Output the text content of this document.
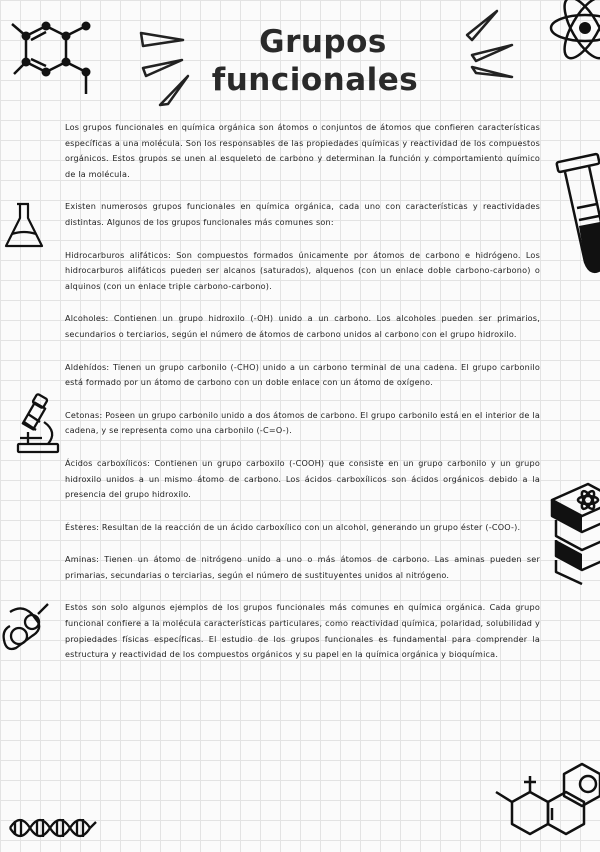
Grupos
funcionales

Los grupos funcionales en química orgánica son átomos o conjuntos de átomos que confieren características específicas a una molécula. Son los responsables de las propiedades químicas y reactividad de los compuestos orgánicos. Estos grupos se unen al esqueleto de carbono y determinan la función y comportamiento químico de la molécula.

Existen numerosos grupos funcionales en química orgánica, cada uno con características y reactividades distintas. Algunos de los grupos funcionales más comunes son:

Hidrocarburos alifáticos: Son compuestos formados únicamente por átomos de carbono e hidrógeno. Los hidrocarburos alifáticos pueden ser alcanos (saturados), alquenos (con un enlace doble carbono-carbono) o alquinos (con un enlace triple carbono-carbono).

Alcoholes: Contienen un grupo hidroxilo (-OH) unido a un carbono. Los alcoholes pueden ser primarios, secundarios o terciarios, según el número de átomos de carbono unidos al carbono con el grupo hidroxilo.

Aldehídos: Tienen un grupo carbonilo (-CHO) unido a un carbono terminal de una cadena. El grupo carbonilo está formado por un átomo de carbono con un doble enlace con un átomo de oxígeno.

Cetonas: Poseen un grupo carbonilo unido a dos átomos de carbono. El grupo carbonilo está en el interior de la cadena, y se representa como una carbonilo (-C=O-).

Ácidos carboxílicos: Contienen un grupo carboxilo (-COOH) que consiste en un grupo carbonilo y un grupo hidroxilo unidos a un mismo átomo de carbono. Los ácidos carboxílicos son ácidos orgánicos debido a la presencia del grupo hidroxilo.

Ésteres: Resultan de la reacción de un ácido carboxílico con un alcohol, generando un grupo éster (-COO-).

Aminas: Tienen un átomo de nitrógeno unido a uno o más átomos de carbono. Las aminas pueden ser primarias, secundarias o terciarias, según el número de sustituyentes unidos al nitrógeno.

Estos son solo algunos ejemplos de los grupos funcionales más comunes en química orgánica. Cada grupo funcional confiere a la molécula características particulares, como reactividad química, polaridad, solubilidad y propiedades físicas específicas. El estudio de los grupos funcionales es fundamental para comprender la estructura y reactividad de los compuestos orgánicos y su papel en la química orgánica y bioquímica.
